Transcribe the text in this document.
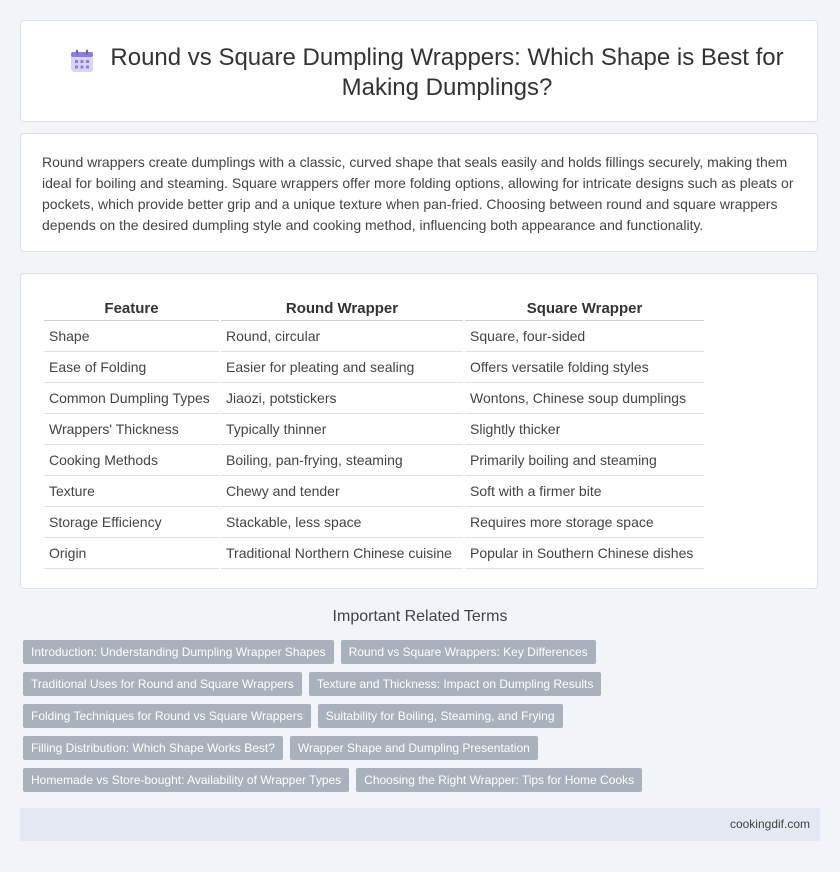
Round vs Square Dumpling Wrappers: Which Shape is Best for Making Dumplings?

Round wrappers create dumplings with a classic, curved shape that seals easily and holds fillings securely, making them ideal for boiling and steaming. Square wrappers offer more folding options, allowing for intricate designs such as pleats or pockets, which provide better grip and a unique texture when pan-fried. Choosing between round and square wrappers depends on the desired dumpling style and cooking method, influencing both appearance and functionality.

Feature	Round Wrapper	Square Wrapper
Shape	Round, circular	Square, four-sided
Ease of Folding	Easier for pleating and sealing	Offers versatile folding styles
Common Dumpling Types	Jiaozi, potstickers	Wontons, Chinese soup dumplings
Wrappers' Thickness	Typically thinner	Slightly thicker
Cooking Methods	Boiling, pan-frying, steaming	Primarily boiling and steaming
Texture	Chewy and tender	Soft with a firmer bite
Storage Efficiency	Stackable, less space	Requires more storage space
Origin	Traditional Northern Chinese cuisine	Popular in Southern Chinese dishes
Important Related Terms
Introduction: Understanding Dumpling Wrapper Shapes	Round vs Square Wrappers: Key Differences
Traditional Uses for Round and Square Wrappers	Texture and Thickness: Impact on Dumpling Results
Folding Techniques for Round vs Square Wrappers	Suitability for Boiling, Steaming, and Frying
Filling Distribution: Which Shape Works Best?	Wrapper Shape and Dumpling Presentation
Homemade vs Store-bought: Availability of Wrapper Types	Choosing the Right Wrapper: Tips for Home Cooks
cookingdif.com
